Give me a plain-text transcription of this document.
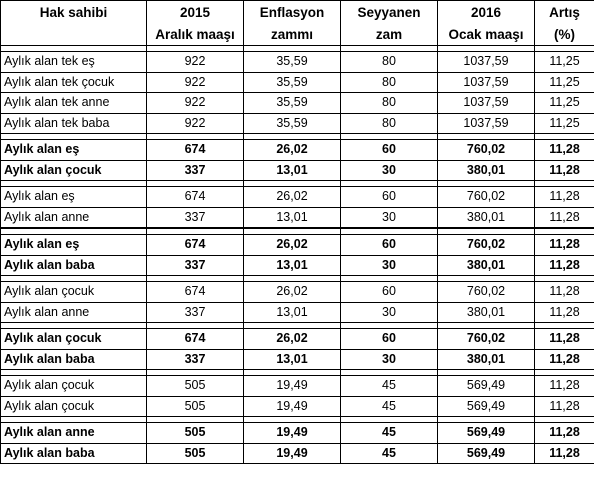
Hak sahibi	2015	Enflasyon	Seyyanen	2016	Artış
	Aralık maaşı	zammı	zam	Ocak maaşı	(%)

Aylık alan tek eş	922	35,59	80	1037,59	11,25
Aylık alan tek çocuk	922	35,59	80	1037,59	11,25
Aylık alan tek anne	922	35,59	80	1037,59	11,25
Aylık alan tek baba	922	35,59	80	1037,59	11,25

Aylık alan eş	674	26,02	60	760,02	11,28
Aylık alan çocuk	337	13,01	30	380,01	11,28

Aylık alan eş	674	26,02	60	760,02	11,28
Aylık alan anne	337	13,01	30	380,01	11,28

Aylık alan eş	674	26,02	60	760,02	11,28
Aylık alan baba	337	13,01	30	380,01	11,28

Aylık alan çocuk	674	26,02	60	760,02	11,28
Aylık alan anne	337	13,01	30	380,01	11,28

Aylık alan çocuk	674	26,02	60	760,02	11,28
Aylık alan baba	337	13,01	30	380,01	11,28

Aylık alan çocuk	505	19,49	45	569,49	11,28
Aylık alan çocuk	505	19,49	45	569,49	11,28

Aylık alan anne	505	19,49	45	569,49	11,28
Aylık alan baba	505	19,49	45	569,49	11,28
